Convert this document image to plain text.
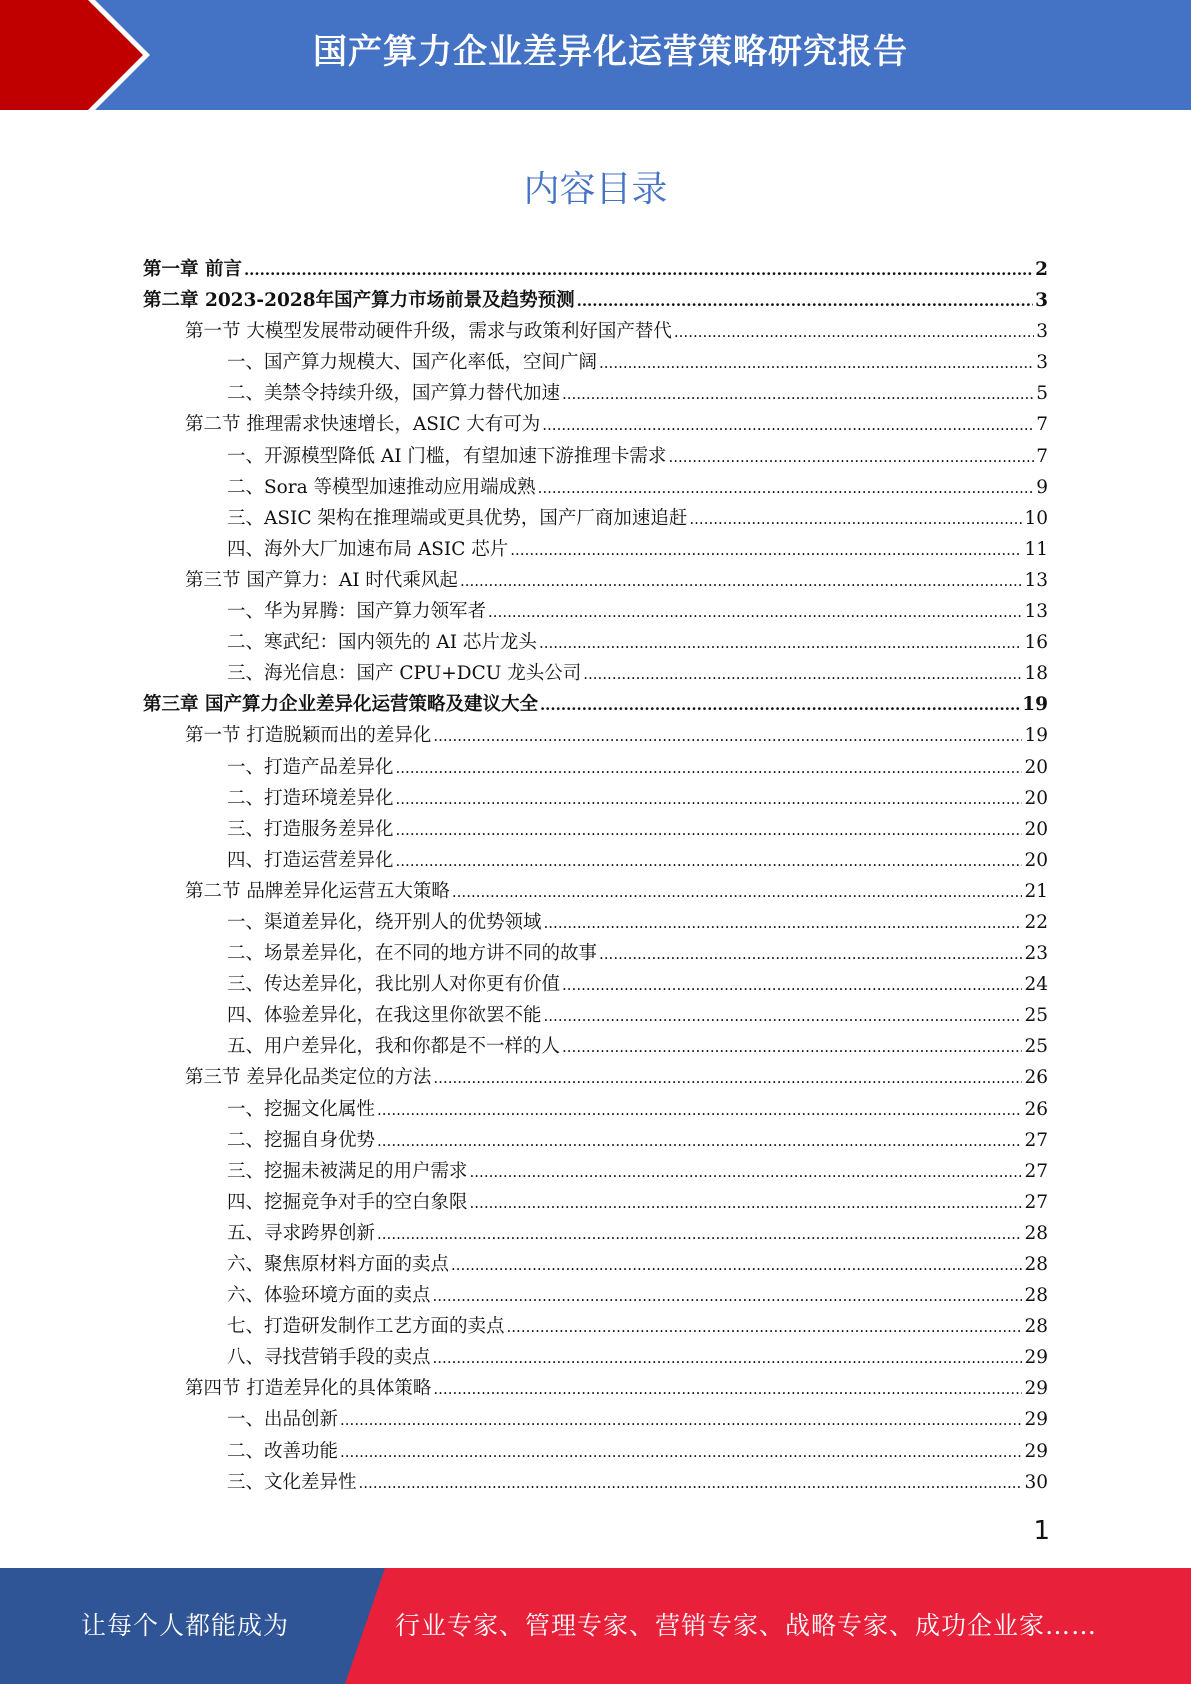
国产算力企业差异化运营策略研究报告
内容目录
第一章 前言 .....	2
第二章 2023-2028年国产算力市场前景及趋势预测 .....	3
第一节 大模型发展带动硬件升级，需求与政策利好国产替代 .....	3
一、国产算力规模大、国产化率低，空间广阔 .....	3
二、美禁令持续升级，国产算力替代加速 .....	5
第二节 推理需求快速增长，ASIC 大有可为 .....	7
一、开源模型降低 AI 门槛，有望加速下游推理卡需求 .....	7
二、Sora 等模型加速推动应用端成熟 .....	9
三、ASIC 架构在推理端或更具优势，国产厂商加速追赶 .....	10
四、海外大厂加速布局 ASIC 芯片 .....	11
第三节 国产算力：AI 时代乘风起 .....	13
一、华为昇腾：国产算力领军者 .....	13
二、寒武纪：国内领先的 AI 芯片龙头 .....	16
三、海光信息：国产 CPU+DCU 龙头公司 .....	18
第三章 国产算力企业差异化运营策略及建议大全 .....	19
第一节 打造脱颖而出的差异化 .....	19
一、打造产品差异化 .....	20
二、打造环境差异化 .....	20
三、打造服务差异化 .....	20
四、打造运营差异化 .....	20
第二节 品牌差异化运营五大策略 .....	21
一、渠道差异化，绕开别人的优势领域 .....	22
二、场景差异化，在不同的地方讲不同的故事 .....	23
三、传达差异化，我比别人对你更有价值 .....	24
四、体验差异化，在我这里你欲罢不能 .....	25
五、用户差异化，我和你都是不一样的人 .....	25
第三节 差异化品类定位的方法 .....	26
一、挖掘文化属性 .....	26
二、挖掘自身优势 .....	27
三、挖掘未被满足的用户需求 .....	27
四、挖掘竞争对手的空白象限 .....	27
五、寻求跨界创新 .....	28
六、聚焦原材料方面的卖点 .....	28
六、体验环境方面的卖点 .....	28
七、打造研发制作工艺方面的卖点 .....	28
八、寻找营销手段的卖点 .....	29
第四节 打造差异化的具体策略 .....	29
一、出品创新 .....	29
二、改善功能 .....	29
三、文化差异性 .....	30
1
让每个人都能成为	行业专家、管理专家、营销专家、战略专家、成功企业家……
